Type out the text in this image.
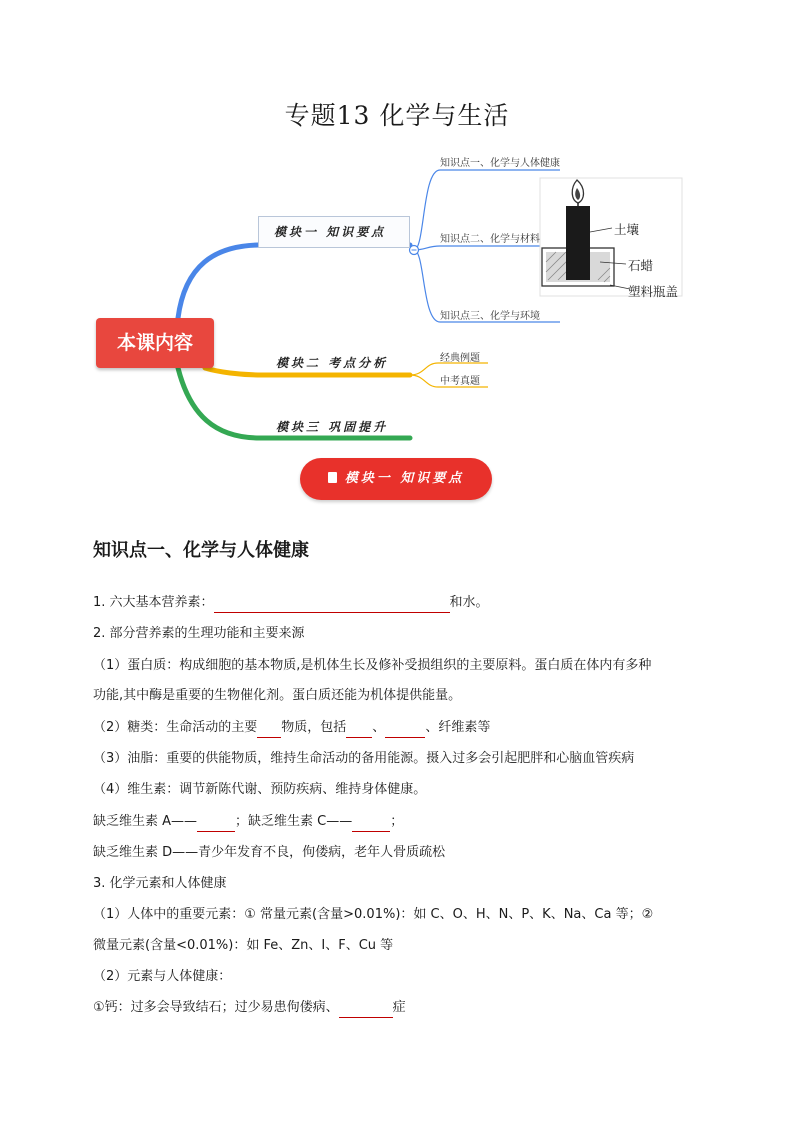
专题13 化学与生活
本课内容
模块一 知识要点
模块二 考点分析
模块三 巩固提升
知识点一、化学与人体健康
知识点二、化学与材料
知识点三、化学与环境
经典例题
中考真题
土壤
石蜡
塑料瓶盖
模块一 知识要点
知识点一、化学与人体健康
1. 六大基本营养素：	和水。
2. 部分营养素的生理功能和主要来源
（1）蛋白质：构成细胞的基本物质,是机体生长及修补受损组织的主要原料。蛋白质在体内有多种
功能,其中酶是重要的生物催化剂。蛋白质还能为机体提供能量。
（2）糖类：生命活动的主要 物质，包括 、	、纤维素等
（3）油脂：重要的供能物质，维持生命活动的备用能源。摄入过多会引起肥胖和心脑血管疾病
（4）维生素：调节新陈代谢、预防疾病、维持身体健康。
缺乏维生素 A——	；缺乏维生素 C——	；
缺乏维生素 D——青少年发育不良，佝偻病，老年人骨质疏松
3. 化学元素和人体健康
（1）人体中的重要元素：① 常量元素(含量>0.01%)：如 C、O、H、N、P、K、Na、Ca 等；②
微量元素(含量<0.01%)：如 Fe、Zn、I、F、Cu 等
（2）元素与人体健康：
①钙：过多会导致结石；过少易患佝偻病、	症
